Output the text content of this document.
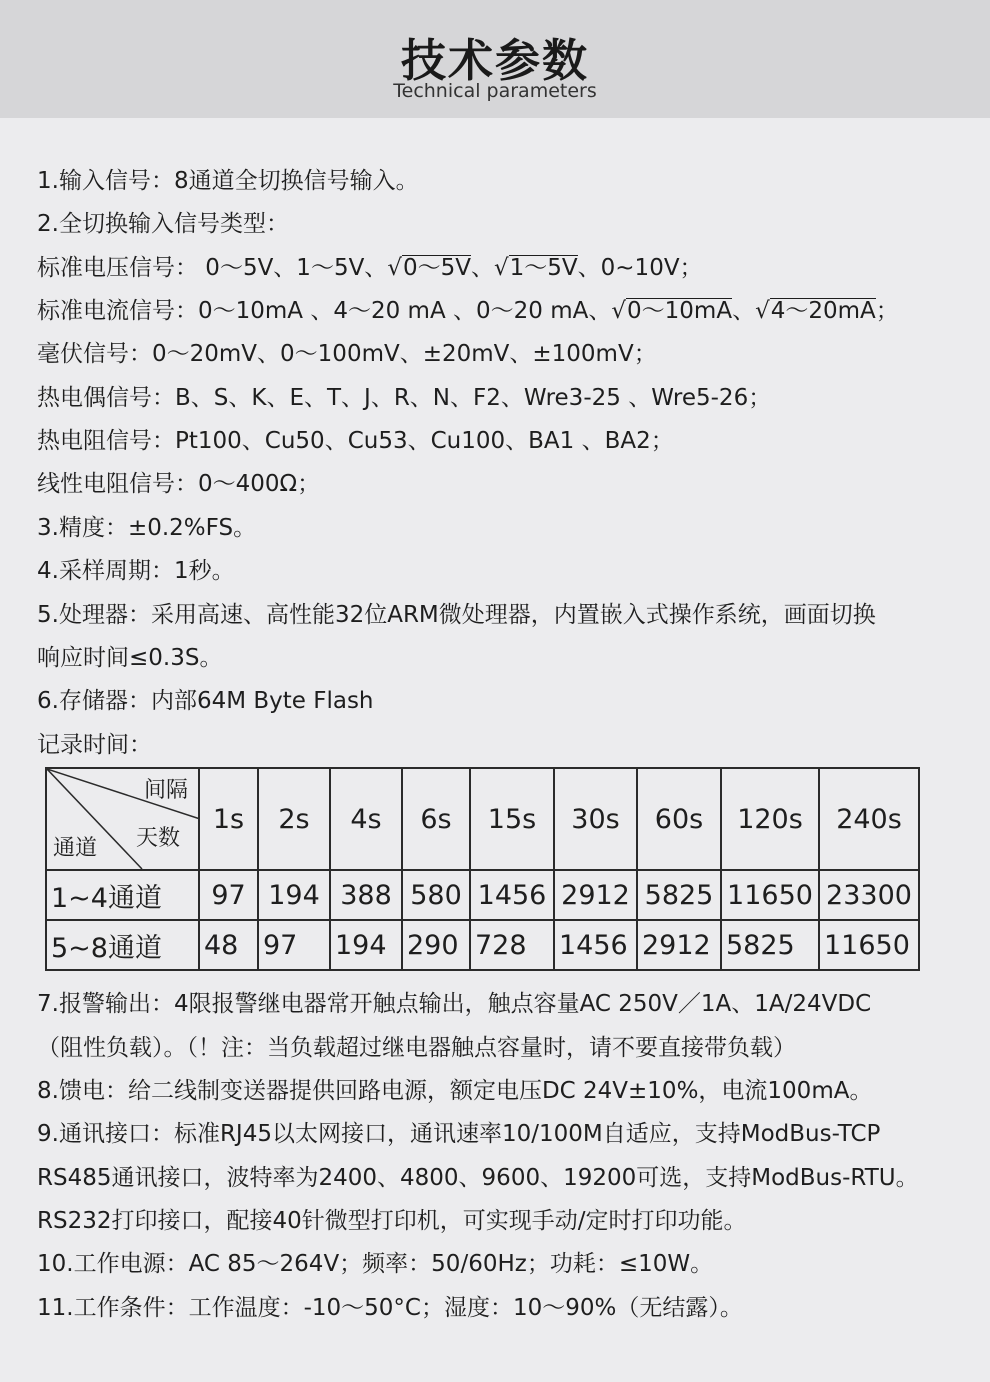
技术参数
Technical parameters
1.输入信号：8通道全切换信号输入。
2.全切换输入信号类型：
标准电压信号： 0～5V、1～5V、√0～5V、√1～5V、0~10V；
标准电流信号：0～10mA 、4～20 mA 、0～20 mA、√0～10mA、√4～20mA；
毫伏信号：0～20mV、0～100mV、±20mV、±100mV；
热电偶信号：B、S、K、E、T、J、R、N、F2、Wre3-25 、Wre5-26；
热电阻信号：Pt100、Cu50、Cu53、Cu100、BA1 、BA2；
线性电阻信号：0～400Ω；
3.精度：±0.2%FS。
4.采样周期：1秒。
5.处理器：采用高速、高性能32位ARM微处理器，内置嵌入式操作系统，画面切换
响应时间≤0.3S。
6.存储器：内部64M Byte Flash
记录时间：
间隔
天数
通道	1s	2s	4s	6s	15s	30s	60s	120s	240s
1~4通道	97	194	388	580	1456	2912	5825	11650	23300
5~8通道	48	97	194	290	728	1456	2912	5825	11650
7.报警输出：4限报警继电器常开触点输出，触点容量AC 250V／1A、1A/24VDC
（阻性负载）。（！注：当负载超过继电器触点容量时，请不要直接带负载）
8.馈电：给二线制变送器提供回路电源，额定电压DC 24V±10%，电流100mA。
9.通讯接口：标准RJ45以太网接口，通讯速率10/100M自适应，支持ModBus-TCP
RS485通讯接口，波特率为2400、4800、9600、19200可选，支持ModBus-RTU。
RS232打印接口，配接40针微型打印机，可实现手动/定时打印功能。
10.工作电源：AC 85～264V；频率：50/60Hz；功耗：≤10W。
11.工作条件：工作温度：-10～50°C；湿度：10～90%（无结露）。
